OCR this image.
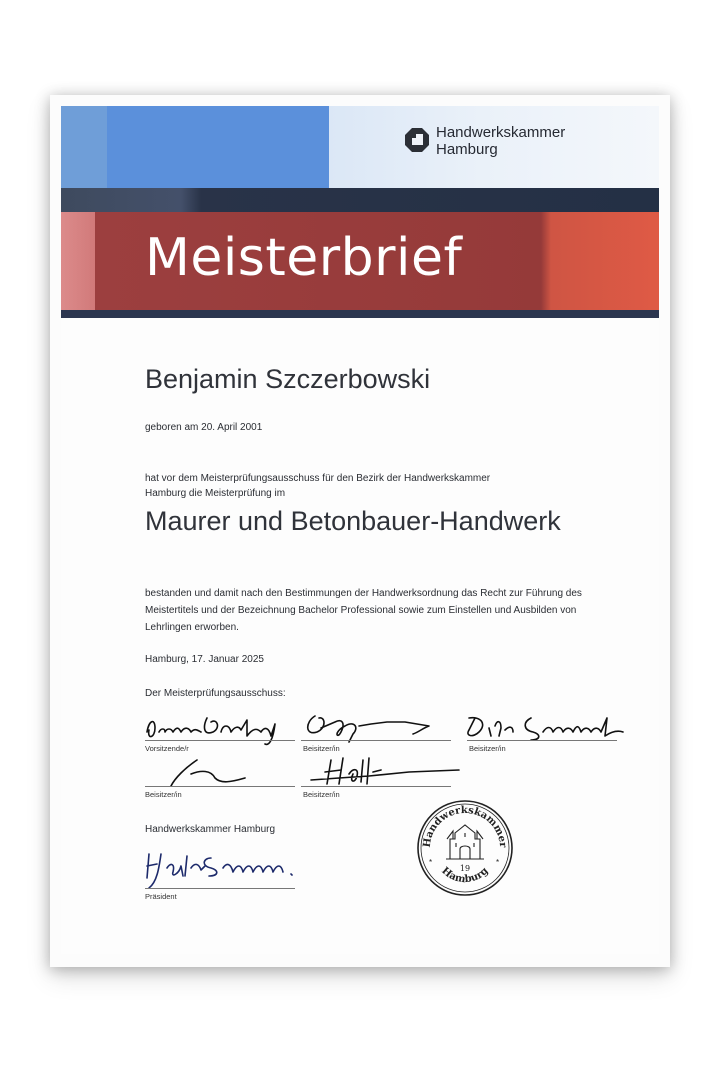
Handwerkskammer
Hamburg
Meisterbrief
Benjamin Szczerbowski
geboren am 20. April 2001
hat vor dem Meisterprüfungsausschuss für den Bezirk der Handwerkskammer Hamburg die Meisterprüfung im
Maurer und Betonbauer-Handwerk
bestanden und damit nach den Bestimmungen der Handwerksordnung das Recht zur Führung des Meistertitels und der Bezeichnung Bachelor Professional sowie zum Einstellen und Ausbilden von Lehrlingen erworben.
Hamburg, 17. Januar 2025
Der Meisterprüfungsausschuss:
Vorsitzende/r	Beisitzer/in	Beisitzer/in
Beisitzer/in	Beisitzer/in
Handwerkskammer Hamburg
Präsident
Handwerkskammer
Hamburg
*	*
19
